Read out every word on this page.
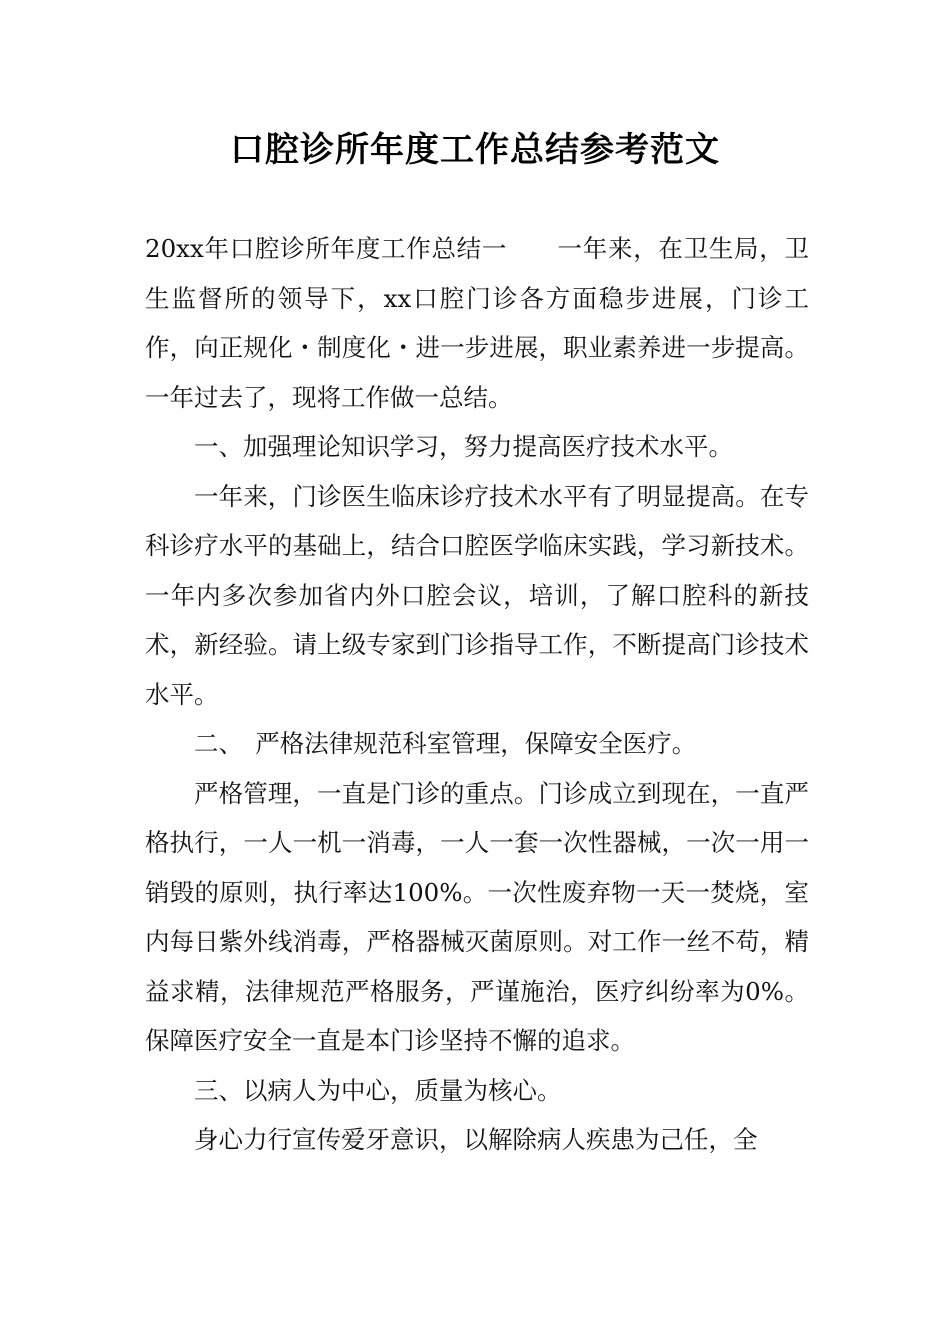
口腔诊所年度工作总结参考范文

20xx年口腔诊所年度工作总结一　　一年来，在卫生局，卫生监督所的领导下，xx口腔门诊各方面稳步进展，门诊工作，向正规化・制度化・进一步进展，职业素养进一步提高。一年过去了，现将工作做一总结。

一、加强理论知识学习，努力提高医疗技术水平。

一年来，门诊医生临床诊疗技术水平有了明显提高。在专科诊疗水平的基础上，结合口腔医学临床实践，学习新技术。一年内多次参加省内外口腔会议，培训，了解口腔科的新技术，新经验。请上级专家到门诊指导工作，不断提高门诊技术水平。

二、　严格法律规范科室管理，保障安全医疗。

严格管理，一直是门诊的重点。门诊成立到现在，一直严格执行，一人一机一消毒，一人一套一次性器械，一次一用一销毁的原则，执行率达100%。一次性废弃物一天一焚烧，室内每日紫外线消毒，严格器械灭菌原则。对工作一丝不苟，精益求精，法律规范严格服务，严谨施治，医疗纠纷率为0%。保障医疗安全一直是本门诊坚持不懈的追求。

三、以病人为中心，质量为核心。

身心力行宣传爱牙意识，以解除病人疾患为己任，全
